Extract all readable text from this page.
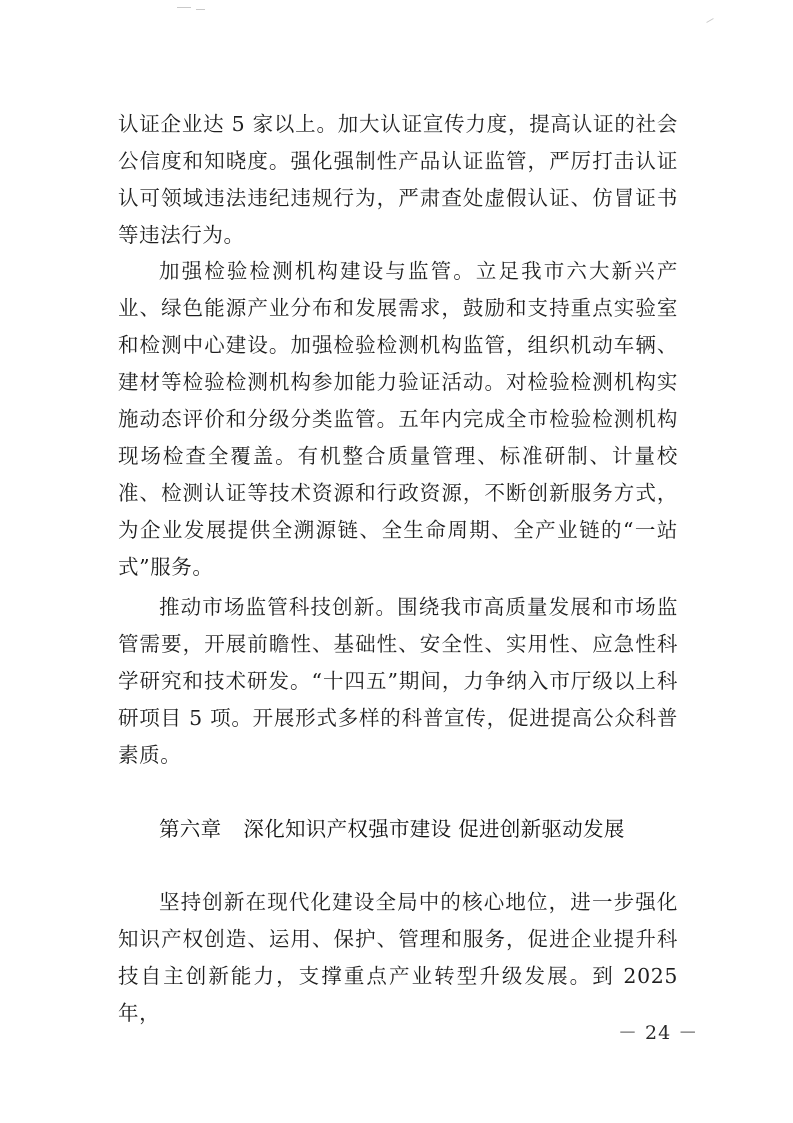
认证企业达 5 家以上。加大认证宣传力度，提高认证的社会公信度和知晓度。强化强制性产品认证监管，严厉打击认证认可领域违法违纪违规行为，严肃查处虚假认证、仿冒证书等违法行为。

加强检验检测机构建设与监管。立足我市六大新兴产业、绿色能源产业分布和发展需求，鼓励和支持重点实验室和检测中心建设。加强检验检测机构监管，组织机动车辆、建材等检验检测机构参加能力验证活动。对检验检测机构实施动态评价和分级分类监管。五年内完成全市检验检测机构现场检查全覆盖。有机整合质量管理、标准研制、计量校准、检测认证等技术资源和行政资源，不断创新服务方式，为企业发展提供全溯源链、全生命周期、全产业链的“一站式”服务。

推动市场监管科技创新。围绕我市高质量发展和市场监管需要，开展前瞻性、基础性、安全性、实用性、应急性科学研究和技术研发。“十四五”期间，力争纳入市厅级以上科研项目 5 项。开展形式多样的科普宣传，促进提高公众科普素质。

第六章 深化知识产权强市建设 促进创新驱动发展

坚持创新在现代化建设全局中的核心地位，进一步强化知识产权创造、运用、保护、管理和服务，促进企业提升科技自主创新能力，支撑重点产业转型升级发展。到 2025 年，

－ 24 －
